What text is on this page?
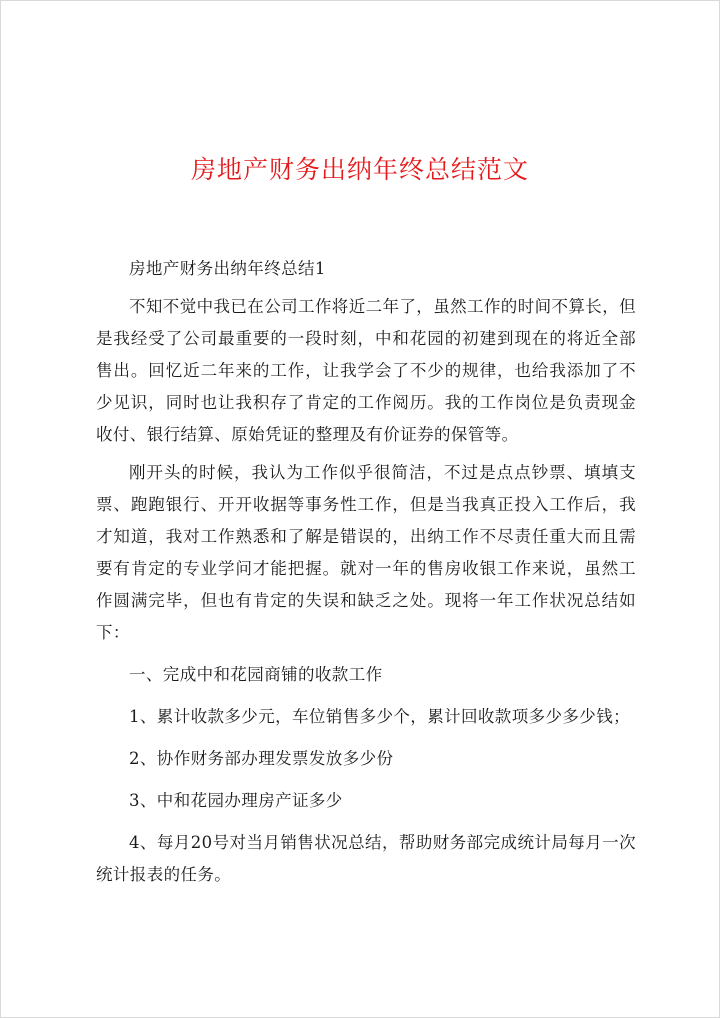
房地产财务出纳年终总结范文

房地产财务出纳年终总结1

不知不觉中我已在公司工作将近二年了，虽然工作的时间不算长，但是我经受了公司最重要的一段时刻，中和花园的初建到现在的将近全部售出。回忆近二年来的工作，让我学会了不少的规律，也给我添加了不少见识，同时也让我积存了肯定的工作阅历。我的工作岗位是负责现金收付、银行结算、原始凭证的整理及有价证券的保管等。

刚开头的时候，我认为工作似乎很简洁，不过是点点钞票、填填支票、跑跑银行、开开收据等事务性工作，但是当我真正投入工作后，我才知道，我对工作熟悉和了解是错误的，出纳工作不尽责任重大而且需要有肯定的专业学问才能把握。就对一年的售房收银工作来说，虽然工作圆满完毕，但也有肯定的失误和缺乏之处。现将一年工作状况总结如下：

一、完成中和花园商铺的收款工作

1、累计收款多少元，车位销售多少个，累计回收款项多少多少钱；

2、协作财务部办理发票发放多少份

3、中和花园办理房产证多少

4、每月20号对当月销售状况总结，帮助财务部完成统计局每月一次统计报表的任务。
